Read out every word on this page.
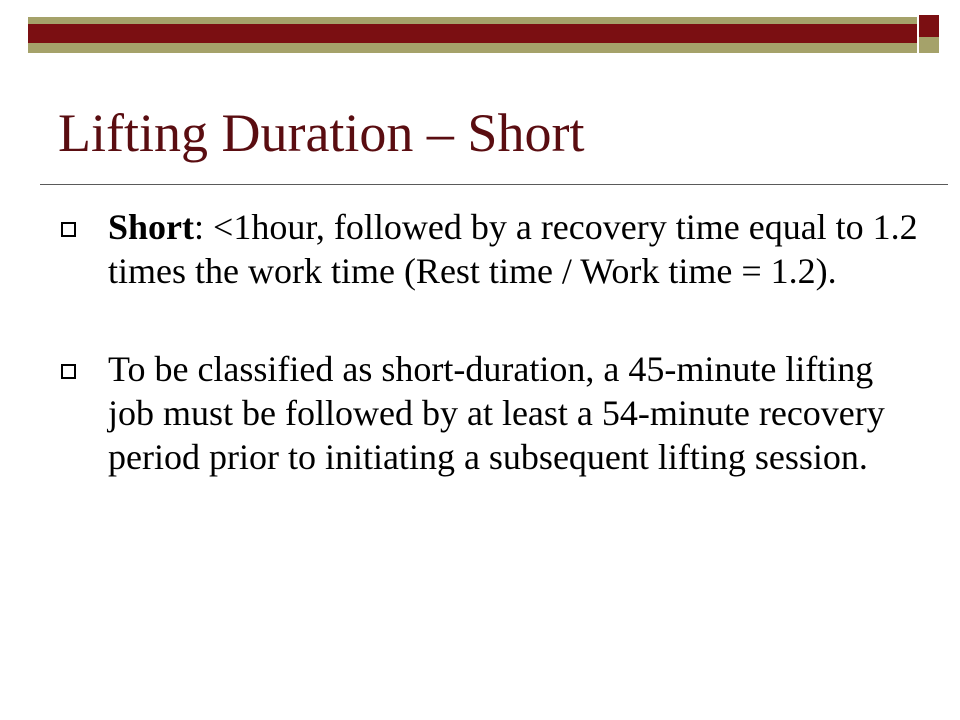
Lifting Duration – Short
Short: <1hour, followed by a recovery time equal to 1.2 times the work time (Rest time / Work time = 1.2).
To be classified as short-duration, a 45-minute lifting job must be followed by at least a 54-minute recovery period prior to initiating a subsequent lifting session.
